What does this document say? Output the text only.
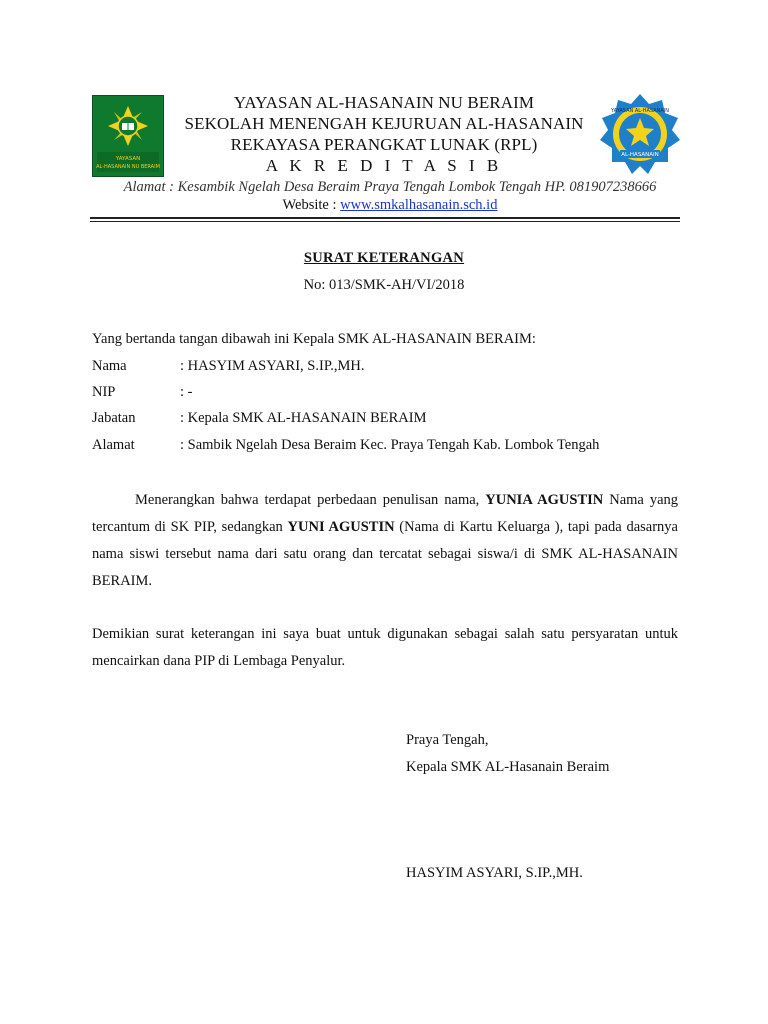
YAYASAN
AL-HASANAIN NU BERAIM
YAYASAN AL-HASANAIN
AL-HASANAIN
YAYASAN AL-HASANAIN NU BERAIM
SEKOLAH MENENGAH KEJURUAN AL-HASANAIN
REKAYASA PERANGKAT LUNAK (RPL)
A K R E D I T A S I B
Alamat : Kesambik Ngelah Desa Beraim Praya Tengah Lombok Tengah HP. 081907238666
Website : www.smkalhasanain.sch.id
SURAT KETERANGAN
No: 013/SMK-AH/VI/2018
Yang bertanda tangan dibawah ini Kepala SMK AL-HASANAIN BERAIM:
Nama	: HASYIM ASYARI, S.IP.,MH.
NIP	: -
Jabatan	: Kepala SMK AL-HASANAIN BERAIM
Alamat	: Sambik Ngelah Desa Beraim Kec. Praya Tengah Kab. Lombok Tengah
Menerangkan bahwa terdapat perbedaan penulisan nama, YUNIA AGUSTIN Nama yang tercantum di SK PIP, sedangkan YUNI AGUSTIN (Nama di Kartu Keluarga ), tapi pada dasarnya nama siswi tersebut nama dari satu orang dan tercatat sebagai siswa/i di SMK AL-HASANAIN BERAIM.
Demikian surat keterangan ini saya buat untuk digunakan sebagai salah satu persyaratan untuk mencairkan dana PIP di Lembaga Penyalur.
Praya Tengah,
Kepala SMK AL-Hasanain Beraim
HASYIM ASYARI, S.IP.,MH.
